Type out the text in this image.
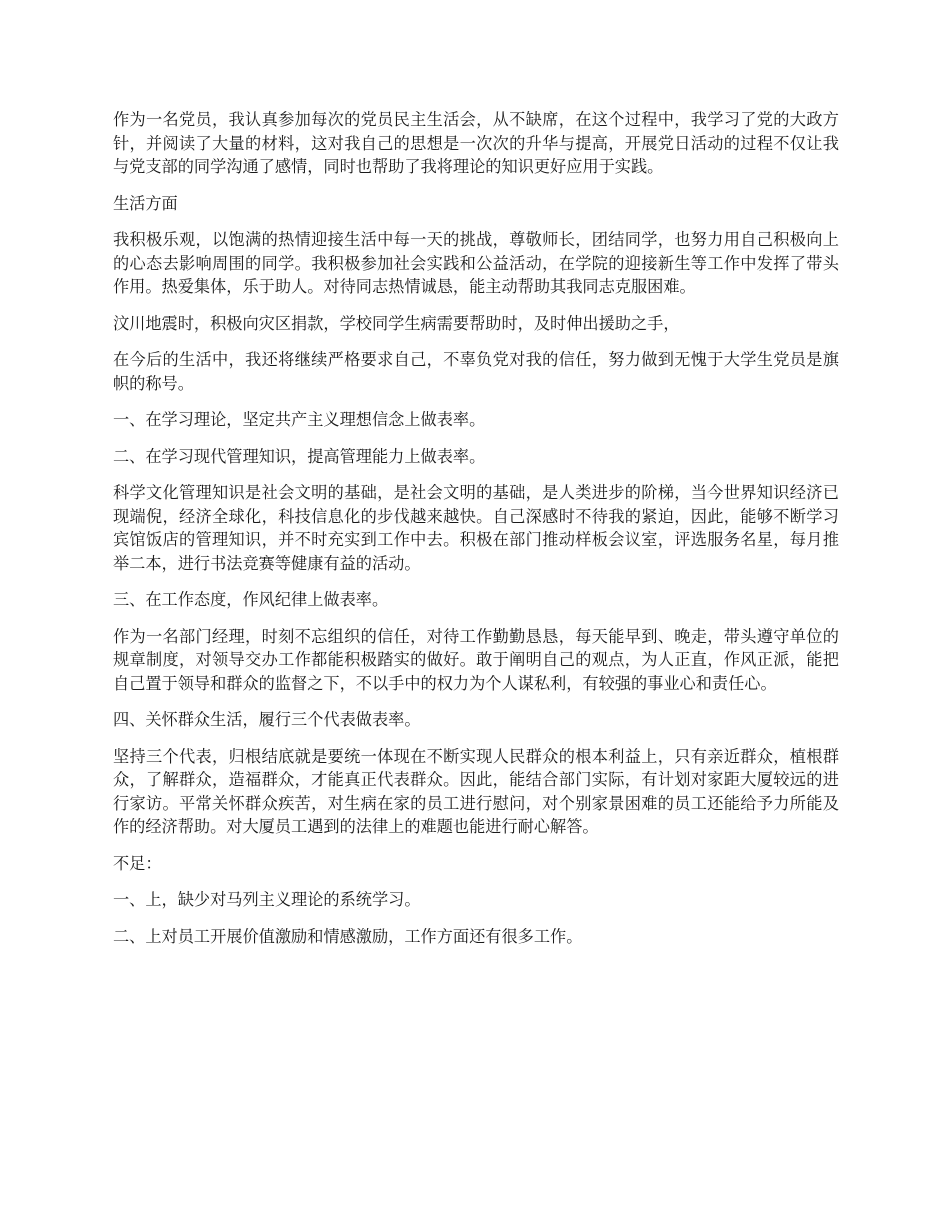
作为一名党员，我认真参加每次的党员民主生活会，从不缺席，在这个过程中，我学习了党的大政方针，并阅读了大量的材料，这对我自己的思想是一次次的升华与提高，开展党日活动的过程不仅让我与党支部的同学沟通了感情，同时也帮助了我将理论的知识更好应用于实践。

生活方面

我积极乐观，以饱满的热情迎接生活中每一天的挑战，尊敬师长，团结同学，也努力用自己积极向上的心态去影响周围的同学。我积极参加社会实践和公益活动，在学院的迎接新生等工作中发挥了带头作用。热爱集体，乐于助人。对待同志热情诚恳，能主动帮助其我同志克服困难。

汶川地震时，积极向灾区捐款，学校同学生病需要帮助时，及时伸出援助之手，

在今后的生活中，我还将继续严格要求自己，不辜负党对我的信任，努力做到无愧于大学生党员是旗帜的称号。

一、在学习理论，坚定共产主义理想信念上做表率。

二、在学习现代管理知识，提高管理能力上做表率。

科学文化管理知识是社会文明的基础，是社会文明的基础，是人类进步的阶梯，当今世界知识经济已现端倪，经济全球化，科技信息化的步伐越来越快。自己深感时不待我的紧迫，因此，能够不断学习宾馆饭店的管理知识，并不时充实到工作中去。积极在部门推动样板会议室，评选服务名星，每月推举二本，进行书法竞赛等健康有益的活动。

三、在工作态度，作风纪律上做表率。

作为一名部门经理，时刻不忘组织的信任，对待工作勤勤恳恳，每天能早到、晚走，带头遵守单位的规章制度，对领导交办工作都能积极踏实的做好。敢于阐明自己的观点，为人正直，作风正派，能把自己置于领导和群众的监督之下，不以手中的权力为个人谋私利，有较强的事业心和责任心。

四、关怀群众生活，履行三个代表做表率。

坚持三个代表，归根结底就是要统一体现在不断实现人民群众的根本利益上，只有亲近群众，植根群众，了解群众，造福群众，才能真正代表群众。因此，能结合部门实际，有计划对家距大厦较远的进行家访。平常关怀群众疾苦，对生病在家的员工进行慰问，对个别家景困难的员工还能给予力所能及作的经济帮助。对大厦员工遇到的法律上的难题也能进行耐心解答。

不足：

一、上，缺少对马列主义理论的系统学习。

二、上对员工开展价值激励和情感激励，工作方面还有很多工作。
